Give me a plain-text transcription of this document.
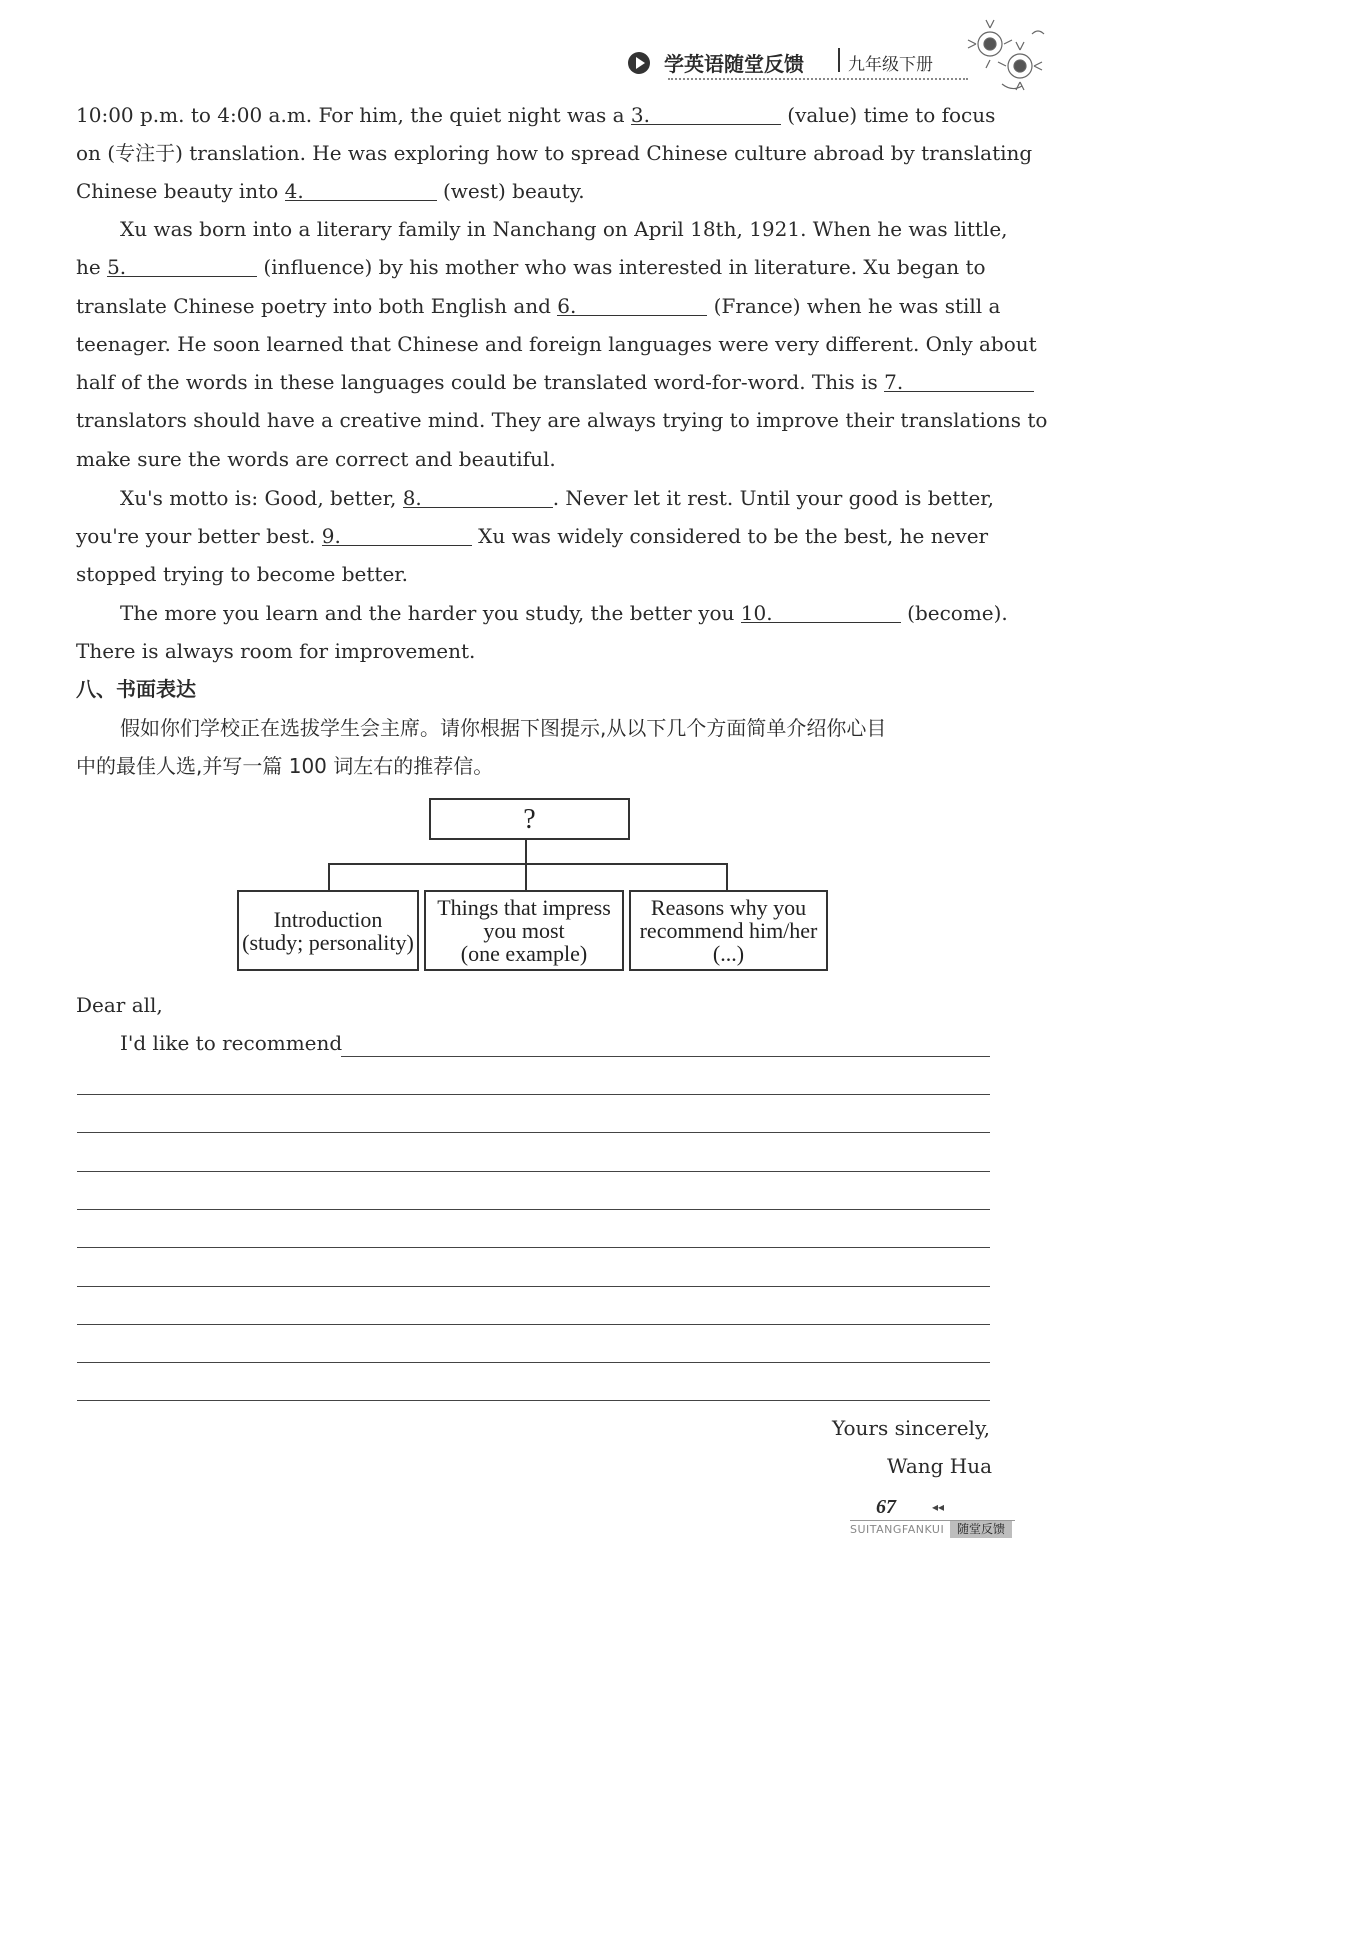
学英语随堂反馈	九年级下册
10:00 p.m. to 4:00 a.m. For him, the quiet night was a 3.	(value) time to focus
on (专注于) translation. He was exploring how to spread Chinese culture abroad by translating
Chinese beauty into 4.	(west) beauty.
Xu was born into a literary family in Nanchang on April 18th, 1921. When he was little,
he 5.	(influence) by his mother who was interested in literature. Xu began to
translate Chinese poetry into both English and 6.	(France) when he was still a
teenager. He soon learned that Chinese and foreign languages were very different. Only about
half of the words in these languages could be translated word-for-word. This is 7.
translators should have a creative mind. They are always trying to improve their translations to
make sure the words are correct and beautiful.
Xu's motto is: Good, better, 8.	. Never let it rest. Until your good is better,
you're your better best. 9.	Xu was widely considered to be the best, he never
stopped trying to become better.
The more you learn and the harder you study, the better you 10.	(become).
There is always room for improvement.
八、书面表达
假如你们学校正在选拔学生会主席。请你根据下图提示,从以下几个方面简单介绍你心目
中的最佳人选,并写一篇 100 词左右的推荐信。
?
Introduction
(study; personality)
Things that impress
you most
(one example)
Reasons why you
recommend him/her
(...)
Dear all,
I'd like to recommend
Yours sincerely,
Wang Hua
67	◂◂
SUITANGFANKUI	随堂反馈
